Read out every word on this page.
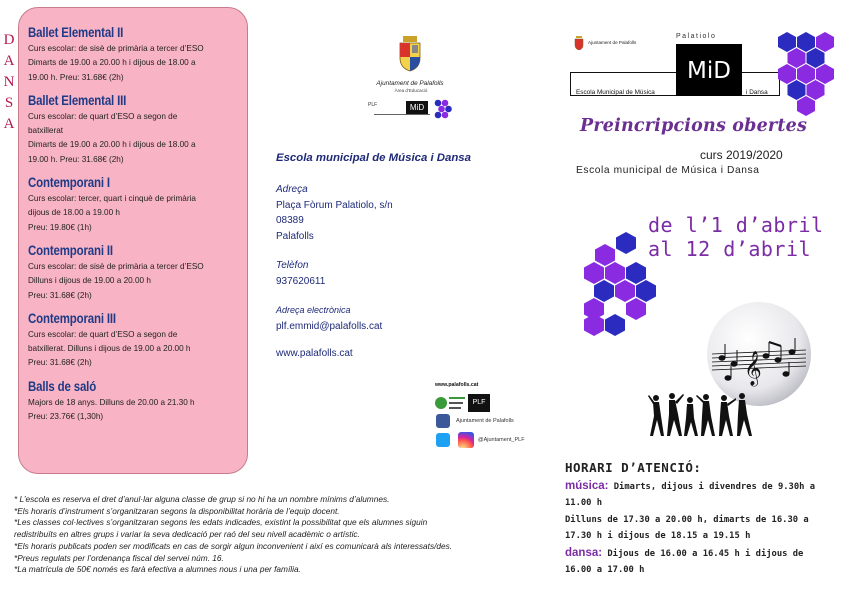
D
A
N
S
A
Ballet Elemental II
Curs escolar: de sisè de primària a tercer d’ESO
Dimarts de 19.00 a 20.00 h i dijous de 18.00 a
19.00 h. Preu: 31.68€ (2h)
Ballet Elemental III
Curs escolar: de quart d’ESO a segon de
batxillerat
Dimarts de 19.00 a 20.00 h i dijous de 18.00 a
19.00 h. Preu: 31.68€ (2h)
Contemporani I
Curs escolar: tercer, quart i cinquè de primària
dijous de 18.00 a 19.00 h
Preu: 19.80€ (1h)
Contemporani II
Curs escolar: de sisè de primària a tercer d’ESO
Dilluns i dijous de 19.00 a 20.00 h
Preu: 31.68€ (2h)
Contemporani III
Curs escolar: de quart d’ESO a segon de
batxillerat. Dilluns i dijous de 19.00 a 20.00 h
Preu: 31.68€ (2h)
Balls de saló
Majors de 18 anys. Dilluns de 20.00 a 21.30 h
Preu: 23.76€ (1,30h)

* L’escola es reserva el dret d’anul·lar alguna classe de grup si no hi ha un nombre mínims d’alumnes.

*Els horaris d’instrument s’organitzaran segons la disponibilitat horària de l’equip docent.

*Les classes col·lectives s’organitzaran segons les edats indicades, existint la possibilitat que els alumnes siguin

redistribuïts en altres grups i variar la seva dedicació per raó del seu nivell acadèmic o artístic.

*Els horaris publicats poden ser modificats en cas de sorgir algun inconvenient i així es comunicarà als interessats/des.

*Preus regulats per l’ordenança fiscal del servei núm. 16.

*La matrícula de 50€ només es farà efectiva a alumnes nous i una per família.

Ajuntament de Palafolls
Àrea d’Educació
PLF	MiD
Escola municipal de Música i Dansa
Adreça
Plaça Fòrum Palatiolo, s/n
08389
Palafolls
Telèfon
937620611
Adreça electrònica
plf.emmid@palafolls.cat
www.palafolls.cat
www.palafolls.cat
PLF
Ajuntament de Palafolls
@Ajuntament_PLF
Ajuntament de Palafolls
Palatiolo
MiD
Escola Municipal de Música	i Dansa
Preincripcions obertes
curs 2019/2020
Escola municipal de Música i Dansa
de l’1 d’abril
al 12 d’abril
𝄞
HORARI D’ATENCIÓ:
música: Dimarts, dijous i divendres de 9.30h a
11.00 h
Dilluns de 17.30 a 20.00 h, dimarts de 16.30 a
17.30 h i dijous de 18.15 a 19.15 h
dansa: Dijous de 16.00 a 16.45 h i dijous de
16.00 a 17.00 h
